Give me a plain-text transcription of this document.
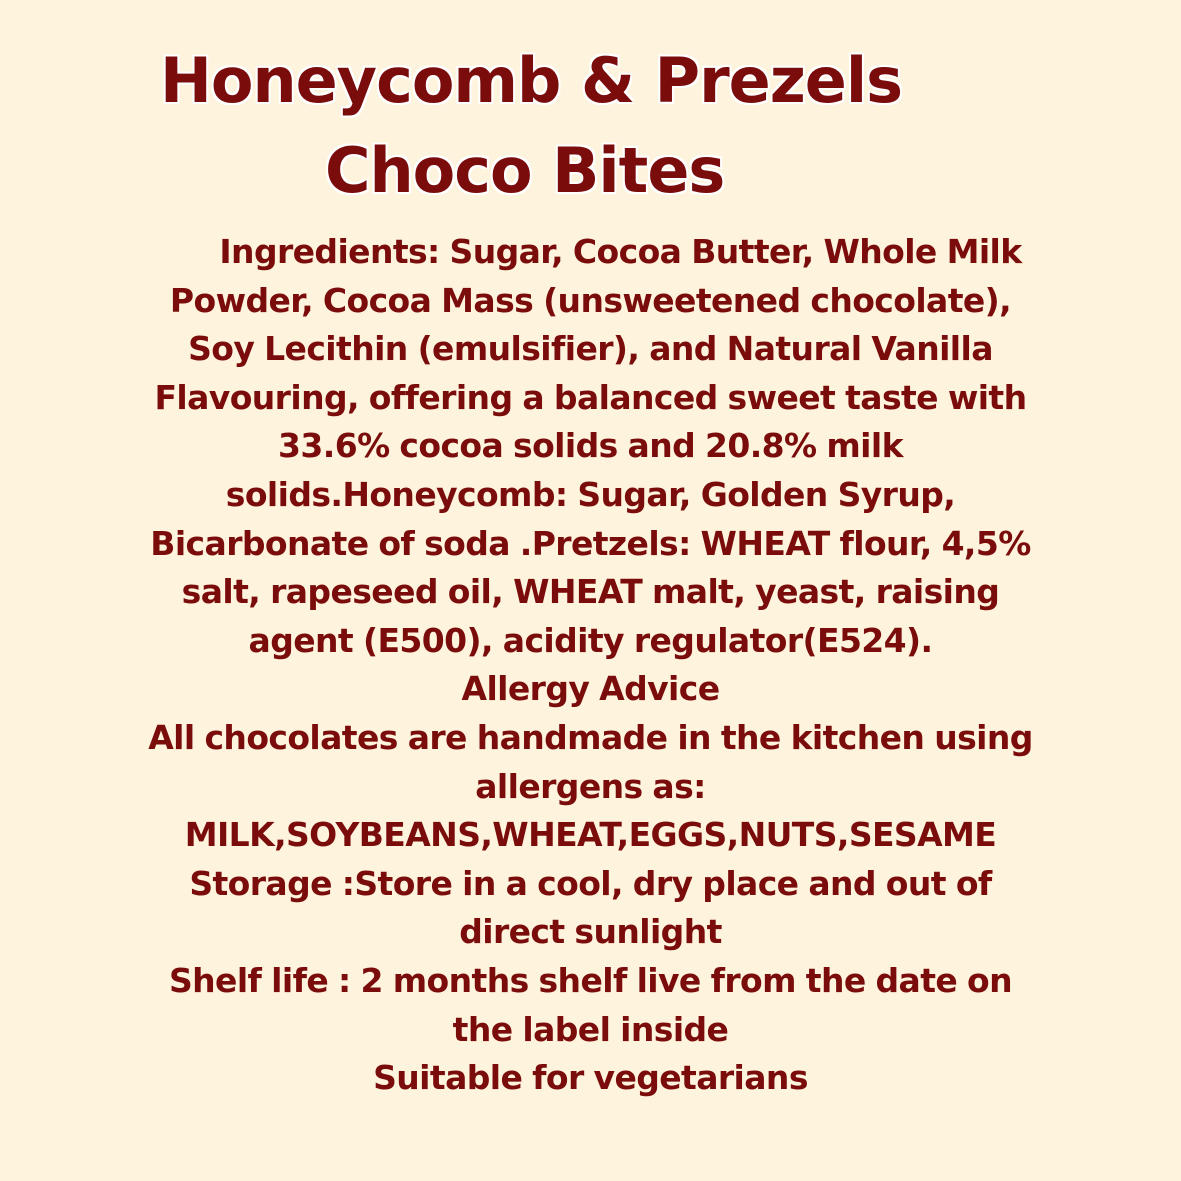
Honeycomb & Prezels
Choco Bites
Ingredients: Sugar, Cocoa Butter, Whole Milk
Powder, Cocoa Mass (unsweetened chocolate),
Soy Lecithin (emulsifier), and Natural Vanilla
Flavouring, offering a balanced sweet taste with
33.6% cocoa solids and 20.8% milk
solids.Honeycomb: Sugar, Golden Syrup,
Bicarbonate of soda .Pretzels: WHEAT flour, 4,5%
salt, rapeseed oil, WHEAT malt, yeast, raising
agent (E500), acidity regulator(E524).
Allergy Advice
All chocolates are handmade in the kitchen using
allergens as:
MILK,SOYBEANS,WHEAT,EGGS,NUTS,SESAME
Storage :Store in a cool, dry place and out of
direct sunlight
Shelf life : 2 months shelf live from the date on
the label inside
Suitable for vegetarians
